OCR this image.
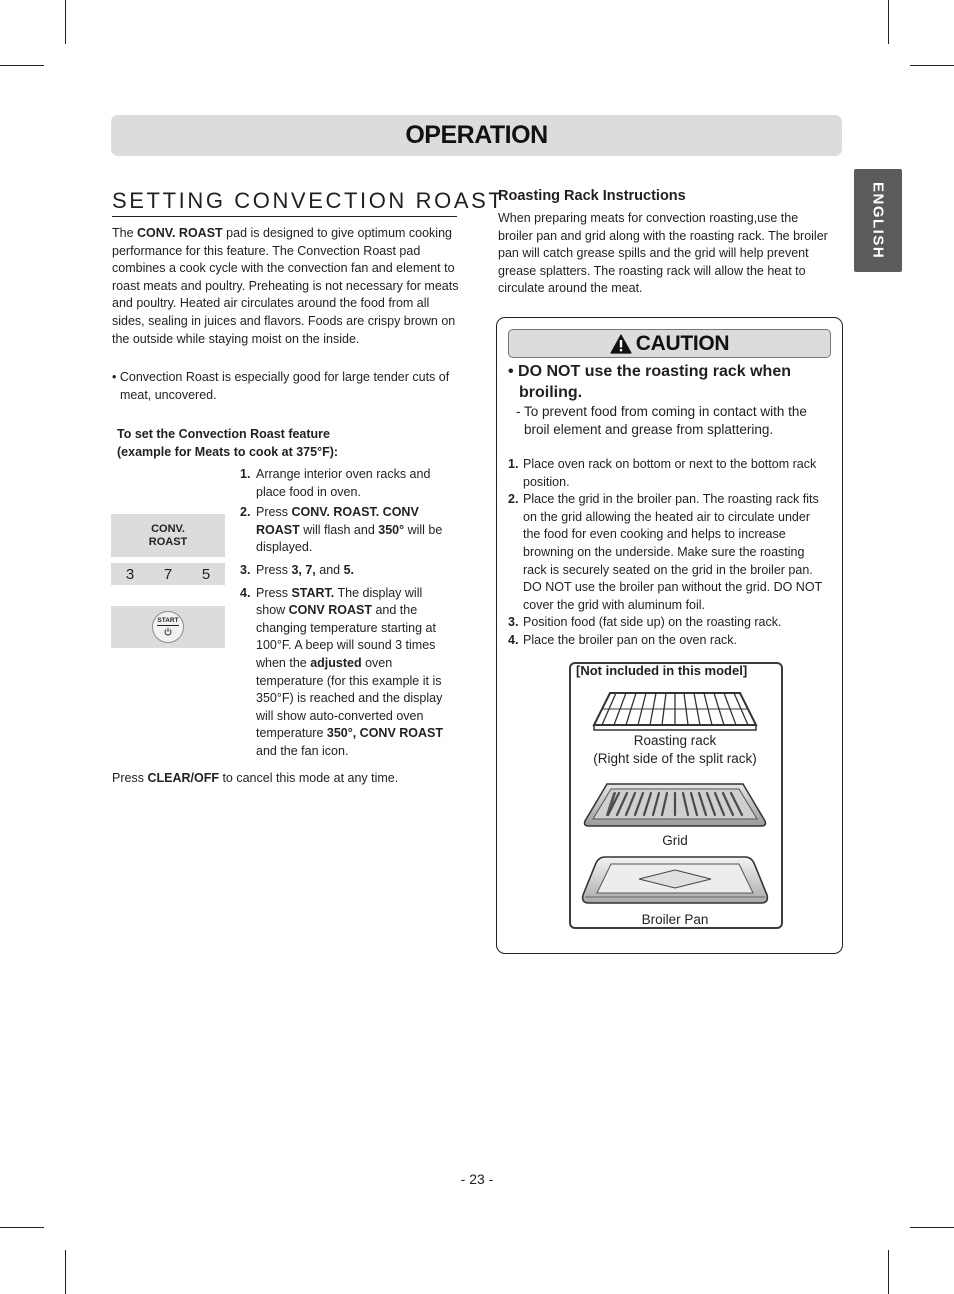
OPERATION
ENGLISH
SETTING CONVECTION ROAST
The CONV. ROAST pad is designed to give optimum cooking performance for this feature. The Convection Roast pad combines a cook cycle with the convection fan and element to roast meats and poultry. Preheating is not necessary for meats and poultry. Heated air circulates around the food from all sides, sealing in juices and flavors. Foods are crispy brown on the outside while staying moist on the inside.
• Convection Roast is especially good for large tender cuts of meat, uncovered.
To set the Convection Roast feature
(example for Meats to cook at 375°F):
CONV.
ROAST
3 7 5
START
1. Arrange interior oven racks and place food in oven.
2. Press CONV. ROAST. CONV ROAST will flash and 350° will be displayed.
3. Press 3, 7, and 5.
4. Press START. The display will show CONV ROAST and the changing temperature starting at 100°F. A beep will sound 3 times when the adjusted oven temperature (for this example it is 350°F) is reached and the display will show auto-converted oven temperature 350°, CONV ROAST and the fan icon.
Press CLEAR/OFF to cancel this mode at any time.
Roasting Rack Instructions
When preparing meats for convection roasting,use the broiler pan and grid along with the roasting rack. The broiler pan will catch grease spills and the grid will help prevent grease splatters. The roasting rack will allow the heat to circulate around the meat.
CAUTION
• DO NOT use the roasting rack when broiling.
- To prevent food from coming in contact with the broil element and grease from splattering.
1. Place oven rack on bottom or next to the bottom rack position.
2. Place the grid in the broiler pan. The roasting rack fits on the grid allowing the heated air to circulate under the food for even cooking and helps to increase browning on the underside. Make sure the roasting rack is securely seated on the grid in the broiler pan. DO NOT use the broiler pan without the grid. DO NOT cover the grid with aluminum foil.
3. Position food (fat side up) on the roasting rack.
4. Place the broiler pan on the oven rack.
[Not included in this model]
Roasting rack
(Right side of the split rack)
Grid
Broiler Pan
- 23 -
